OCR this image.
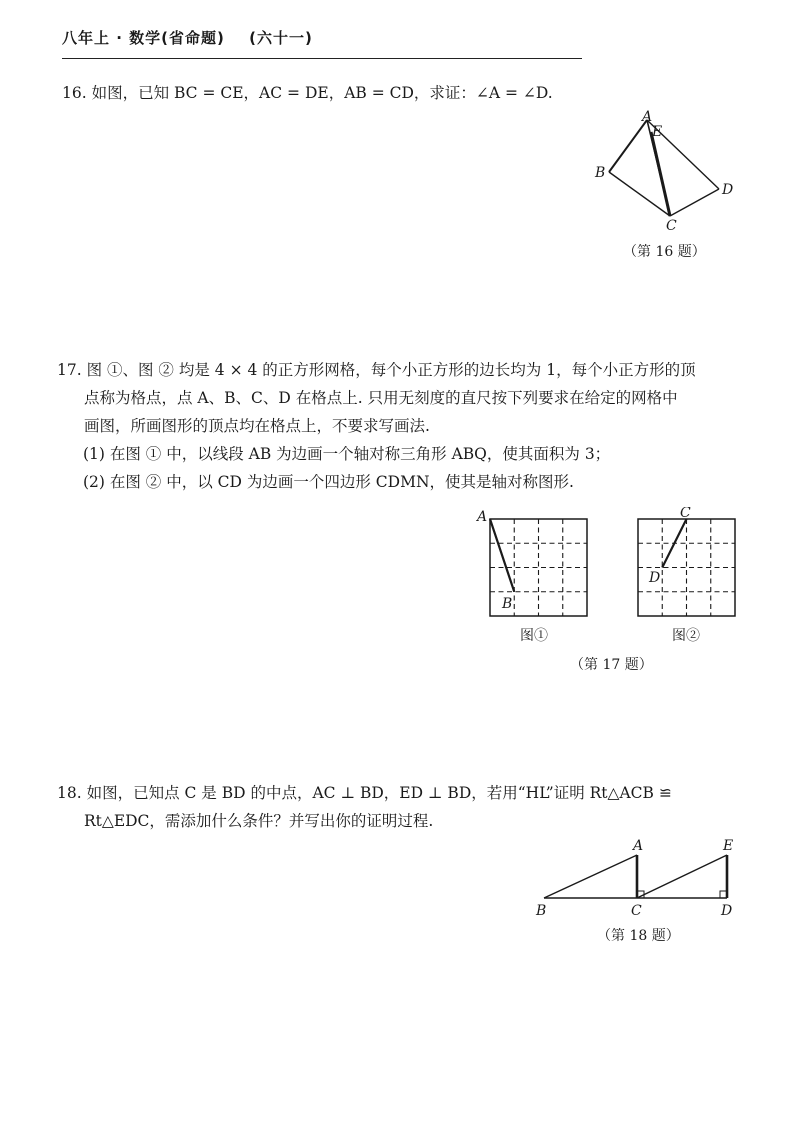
八年上 · 数学(省命题) (六十一)
16. 如图，已知 BC = CE，AC = DE，AB = CD，求证：∠A = ∠D.
A
E
B
D
C
（第 16 题）
17. 图 ①、图 ② 均是 4 × 4 的正方形网格，每个小正方形的边长均为 1，每个小正方形的顶
点称为格点，点 A、B、C、D 在格点上. 只用无刻度的直尺按下列要求在给定的网格中
画图，所画图形的顶点均在格点上，不要求写画法.
(1) 在图 ① 中，以线段 AB 为边画一个轴对称三角形 ABQ，使其面积为 3；
(2) 在图 ② 中，以 CD 为边画一个四边形 CDMN，使其是轴对称图形.
A
B
C
D
图①	图②
（第 17 题）
18. 如图，已知点 C 是 BD 的中点，AC ⊥ BD，ED ⊥ BD，若用“HL”证明 Rt△ACB ≌
Rt△EDC，需添加什么条件？并写出你的证明过程.
A	E
B	C	D
（第 18 题）
